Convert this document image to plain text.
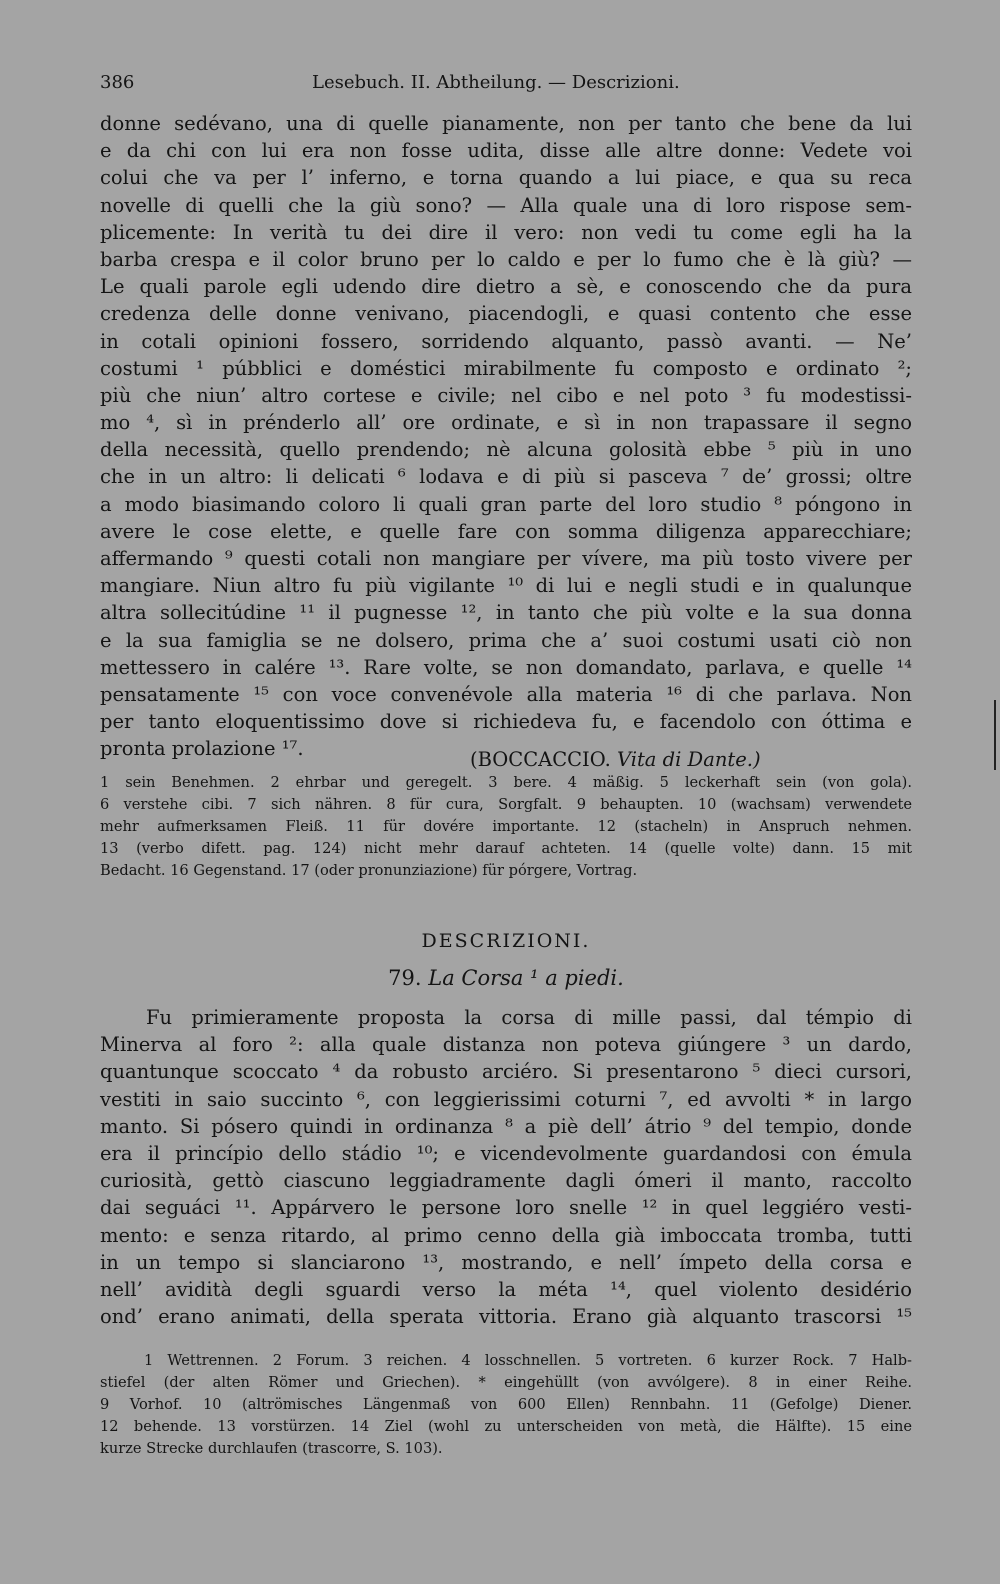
386	Lesebuch. II. Abtheilung. — Descrizioni.
donne sedévano, una di quelle pianamente, non per tanto che bene da lui
e da chi con lui era non fosse udita, disse alle altre donne: Vedete voi
colui che va per l’ inferno, e torna quando a lui piace, e qua su reca
novelle di quelli che la giù sono? — Alla quale una di loro rispose sem-
plicemente: In verità tu dei dire il vero: non vedi tu come egli ha la
barba crespa e il color bruno per lo caldo e per lo fumo che è là giù? —
Le quali parole egli udendo dire dietro a sè, e conoscendo che da pura
credenza delle donne venivano, piacendogli, e quasi contento che esse
in cotali opinioni fossero, sorridendo alquanto, passò avanti. — Ne’
costumi ¹ púbblici e doméstici mirabilmente fu composto e ordinato ²;
più che niun’ altro cortese e civile; nel cibo e nel poto ³ fu modestissi-
mo ⁴, sì in prénderlo all’ ore ordinate, e sì in non trapassare il segno
della necessità, quello prendendo; nè alcuna golosità ebbe ⁵ più in uno
che in un altro: li delicati ⁶ lodava e di più si pasceva ⁷ de’ grossi; oltre
a modo biasimando coloro li quali gran parte del loro studio ⁸ póngono in
avere le cose elette, e quelle fare con somma diligenza apparecchiare;
affermando ⁹ questi cotali non mangiare per vívere, ma più tosto vivere per
mangiare. Niun altro fu più vigilante ¹⁰ di lui e negli studi e in qualunque
altra sollecitúdine ¹¹ il pugnesse ¹², in tanto che più volte e la sua donna
e la sua famiglia se ne dolsero, prima che a’ suoi costumi usati ciò non
mettessero in calére ¹³. Rare volte, se non domandato, parlava, e quelle ¹⁴
pensatamente ¹⁵ con voce convenévole alla materia ¹⁶ di che parlava. Non
per tanto eloquentissimo dove si richiedeva fu, e facendolo con óttima e
pronta prolazione ¹⁷.	(BOCCACCIO. Vita di Dante.)
1 sein Benehmen. 2 ehrbar und geregelt. 3 bere. 4 mäßig. 5 leckerhaft sein (von gola).
6 verstehe cibi. 7 sich nähren. 8 für cura, Sorgfalt. 9 behaupten. 10 (wachsam) verwendete
mehr aufmerksamen Fleiß. 11 für dovére importante. 12 (stacheln) in Anspruch nehmen.
13 (verbo difett. pag. 124) nicht mehr darauf achteten. 14 (quelle volte) dann. 15 mit
Bedacht. 16 Gegenstand. 17 (oder pronunziazione) für pórgere, Vortrag.
DESCRIZIONI.
79. La Corsa ¹ a piedi.
Fu primieramente proposta la corsa di mille passi, dal témpio di
Minerva al foro ²: alla quale distanza non poteva giúngere ³ un dardo,
quantunque scoccato ⁴ da robusto arciéro. Si presentarono ⁵ dieci cursori,
vestiti in saio succinto ⁶, con leggierissimi coturni ⁷, ed avvolti * in largo
manto. Si pósero quindi in ordinanza ⁸ a piè dell’ átrio ⁹ del tempio, donde
era il princípio dello stádio ¹⁰; e vicendevolmente guardandosi con émula
curiosità, gettò ciascuno leggiadramente dagli ómeri il manto, raccolto
dai seguáci ¹¹. Appárvero le persone loro snelle ¹² in quel leggiéro vesti-
mento: e senza ritardo, al primo cenno della già imboccata tromba, tutti
in un tempo si slanciarono ¹³, mostrando, e nell’ ímpeto della corsa e
nell’ avidità degli sguardi verso la méta ¹⁴, quel violento desidério
ond’ erano animati, della sperata vittoria. Erano già alquanto trascorsi ¹⁵
1 Wettrennen. 2 Forum. 3 reichen. 4 losschnellen. 5 vortreten. 6 kurzer Rock. 7 Halb-
stiefel (der alten Römer und Griechen). * eingehüllt (von avvólgere). 8 in einer Reihe.
9 Vorhof. 10 (altrömisches Längenmaß von 600 Ellen) Rennbahn. 11 (Gefolge) Diener.
12 behende. 13 vorstürzen. 14 Ziel (wohl zu unterscheiden von metà, die Hälfte). 15 eine
kurze Strecke durchlaufen (trascorre, S. 103).
